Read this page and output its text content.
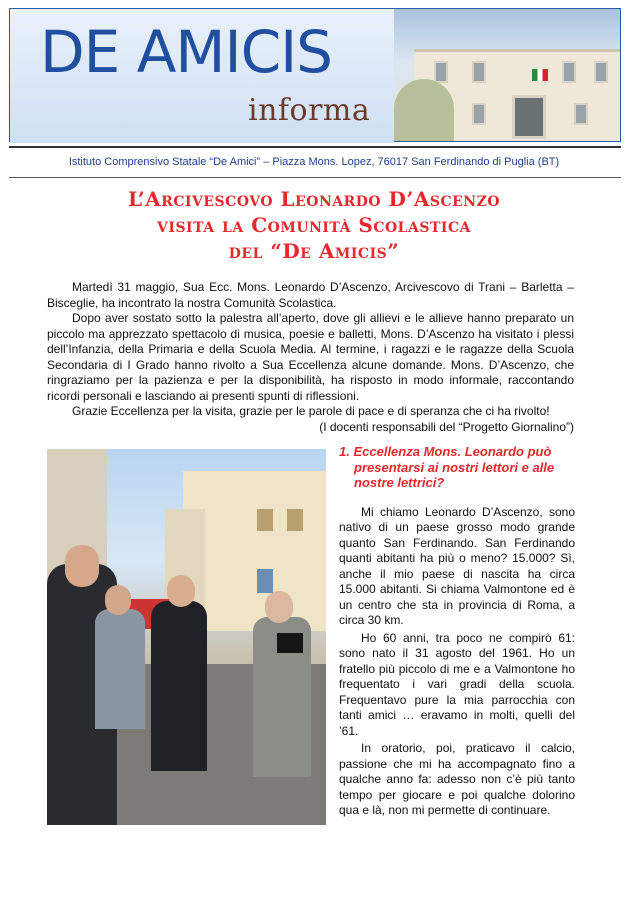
DE AMICIS
informa
Istituto Comprensivo Statale “De Amici” – Piazza Mons. Lopez, 76017 San Ferdinando di Puglia (BT)
L’Arcivescovo Leonardo D’Ascenzo
visita la Comunità Scolastica
del “De Amicis”

Martedì 31 maggio, Sua Ecc. Mons. Leonardo D’Ascenzo, Arcivescovo di Trani – Barletta – Bisceglie, ha incontrato la nostra Comunità Scolastica.

Dopo aver sostato sotto la palestra all’aperto, dove gli allievi e le allieve hanno preparato un piccolo ma apprezzato spettacolo di musica, poesie e balletti, Mons. D’Ascenzo ha visitato i plessi dell’Infanzia, della Primaria e della Scuola Media. Al termine, i ragazzi e le ragazze della Scuola Secondaria di I Grado hanno rivolto a Sua Eccellenza alcune domande. Mons. D’Ascenzo, che ringraziamo per la pazienza e per la disponibilità, ha risposto in modo informale, raccontando ricordi personali e lasciando ai presenti spunti di riflessioni.

Grazie Eccellenza per la visita, grazie per le parole di pace e di speranza che ci ha rivolto!

(I docenti responsabili del “Progetto Giornalino”)

1. Eccellenza Mons. Leonardo può presentarsi ai nostri lettori e alle nostre lettrici?

Mi chiamo Leonardo D’Ascenzo, sono nativo di un paese grosso modo grande quanto San Ferdinando. San Ferdinando quanti abitanti ha più o meno? 15.000? Sì, anche il mio paese di nascita ha circa 15.000 abitanti. Si chiama Valmontone ed è un centro che sta in provincia di Roma, a circa 30 km.

Ho 60 anni, tra poco ne compirò 61: sono nato il 31 agosto del 1961. Ho un fratello più piccolo di me e a Valmontone ho frequentato i vari gradi della scuola. Frequentavo pure la mia parrocchia con tanti amici … eravamo in molti, quelli del ’61.

In oratorio, poi, praticavo il calcio, passione che mi ha accompagnato fino a qualche anno fa: adesso non c’è più tanto tempo per giocare e poi qualche dolorino qua e là, non mi permette di continuare.
